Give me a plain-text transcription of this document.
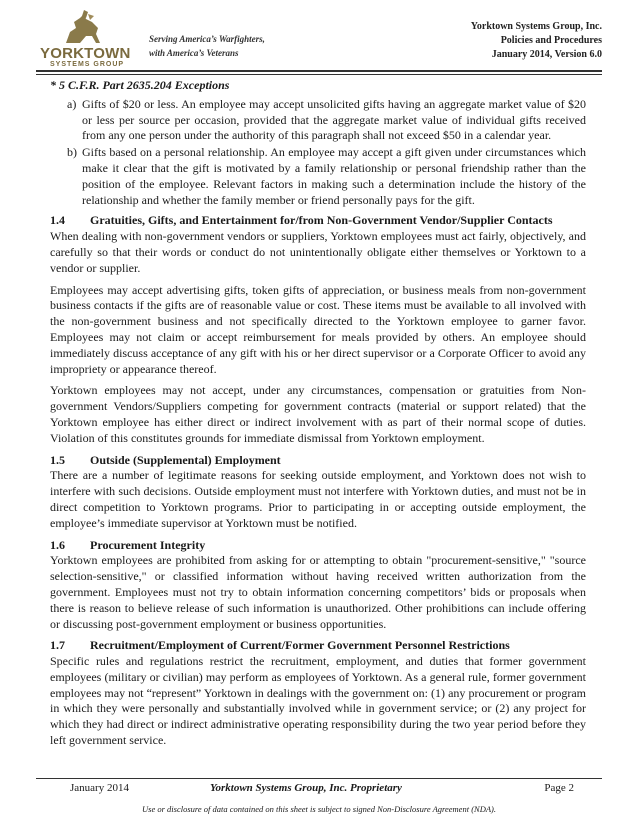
YORKTOWN
SYSTEMS GROUP
Serving America’s Warfighters,
with America’s Veterans
Yorktown Systems Group, Inc.
Policies and Procedures
January 2014, Version 6.0
* 5 C.F.R. Part 2635.204 Exceptions
a) Gifts of $20 or less. An employee may accept unsolicited gifts having an aggregate market value of $20 or less per source per occasion, provided that the aggregate market value of individual gifts received from any one person under the authority of this paragraph shall not exceed $50 in a calendar year.
b) Gifts based on a personal relationship. An employee may accept a gift given under circumstances which make it clear that the gift is motivated by a family relationship or personal friendship rather than the position of the employee. Relevant factors in making such a determination include the history of the relationship and whether the family member or friend personally pays for the gift.
1.4	Gratuities, Gifts, and Entertainment for/from Non-Government Vendor/Supplier Contacts

When dealing with non-government vendors or suppliers, Yorktown employees must act fairly, objectively, and carefully so that their words or conduct do not unintentionally obligate either themselves or Yorktown to a vendor or supplier.

Employees may accept advertising gifts, token gifts of appreciation, or business meals from non-government business contacts if the gifts are of reasonable value or cost. These items must be available to all involved with the non-government business and not specifically directed to the Yorktown employee to garner favor. Employees may not claim or accept reimbursement for meals provided by others. An employee should immediately discuss acceptance of any gift with his or her direct supervisor or a Corporate Officer to avoid any impropriety or appearance thereof.

Yorktown employees may not accept, under any circumstances, compensation or gratuities from Non-government Vendors/Suppliers competing for government contracts (material or support related) that the Yorktown employee has either direct or indirect involvement with as part of their normal scope of duties. Violation of this constitutes grounds for immediate dismissal from Yorktown employment.

1.5	Outside (Supplemental) Employment

There are a number of legitimate reasons for seeking outside employment, and Yorktown does not wish to interfere with such decisions. Outside employment must not interfere with Yorktown duties, and must not be in direct competition to Yorktown programs. Prior to participating in or accepting outside employment, the employee’s immediate supervisor at Yorktown must be notified.

1.6	Procurement Integrity

Yorktown employees are prohibited from asking for or attempting to obtain "procurement-sensitive," "source selection-sensitive," or classified information without having received written authorization from the government. Employees must not try to obtain information concerning competitors’ bids or proposals when there is reason to believe release of such information is unauthorized. Other prohibitions can include offering or discussing post-government employment or business opportunities.

1.7	Recruitment/Employment of Current/Former Government Personnel Restrictions

Specific rules and regulations restrict the recruitment, employment, and duties that former government employees (military or civilian) may perform as employees of Yorktown. As a general rule, former government employees may not “represent” Yorktown in dealings with the government on: (1) any procurement or program in which they were personally and substantially involved while in government service; or (2) any project for which they had direct or indirect administrative operating responsibility during the two year period before they left government service.

January 2014	Yorktown Systems Group, Inc. Proprietary	Page 2
Use or disclosure of data contained on this sheet is subject to signed Non-Disclosure Agreement (NDA).
